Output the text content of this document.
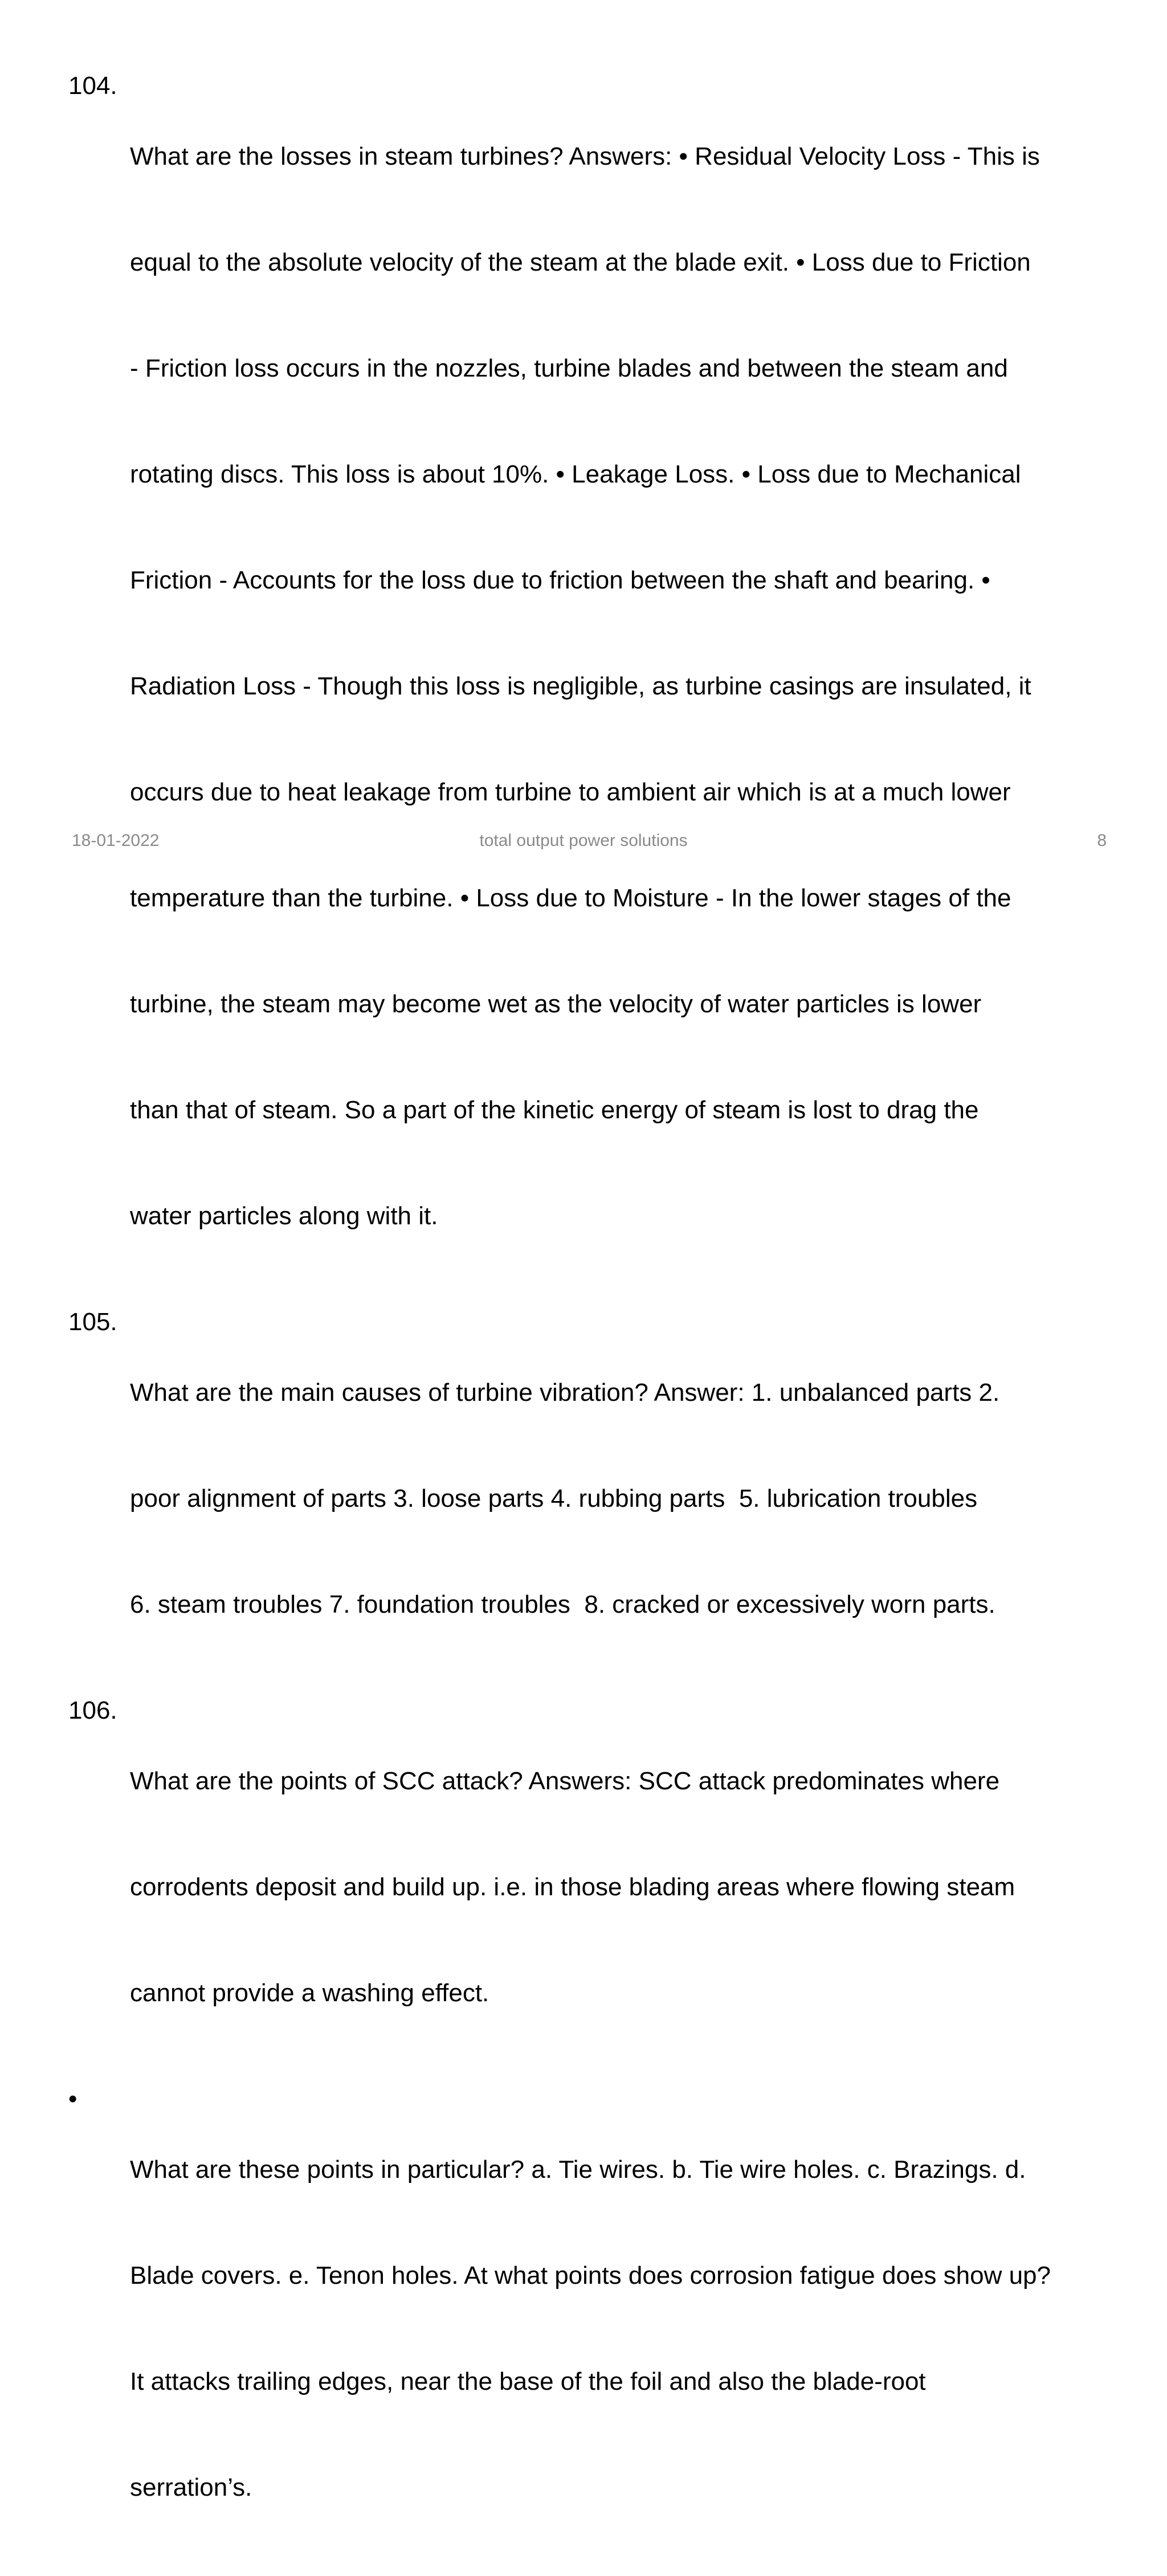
104.

What are the losses in steam turbines? Answers: • Residual Velocity Loss - This is

equal to the absolute velocity of the steam at the blade exit. • Loss due to Friction

- Friction loss occurs in the nozzles, turbine blades and between the steam and

rotating discs. This loss is about 10%. • Leakage Loss. • Loss due to Mechanical

Friction - Accounts for the loss due to friction between the shaft and bearing. •

Radiation Loss - Though this loss is negligible, as turbine casings are insulated, it

occurs due to heat leakage from turbine to ambient air which is at a much lower

temperature than the turbine. • Loss due to Moisture - In the lower stages of the

turbine, the steam may become wet as the velocity of water particles is lower

than that of steam. So a part of the kinetic energy of steam is lost to drag the

water particles along with it.

105.

What are the main causes of turbine vibration? Answer: 1. unbalanced parts 2.

poor alignment of parts 3. loose parts 4. rubbing parts  5. lubrication troubles

6. steam troubles 7. foundation troubles  8. cracked or excessively worn parts.

106.

What are the points of SCC attack? Answers: SCC attack predominates where

corrodents deposit and build up. i.e. in those blading areas where flowing steam

cannot provide a washing effect.

•

What are these points in particular? a. Tie wires. b. Tie wire holes. c. Brazings. d.

Blade covers. e. Tenon holes. At what points does corrosion fatigue does show up?

It attacks trailing edges, near the base of the foil and also the blade-root

serration’s.

18-01-2022	total output power solutions	8
